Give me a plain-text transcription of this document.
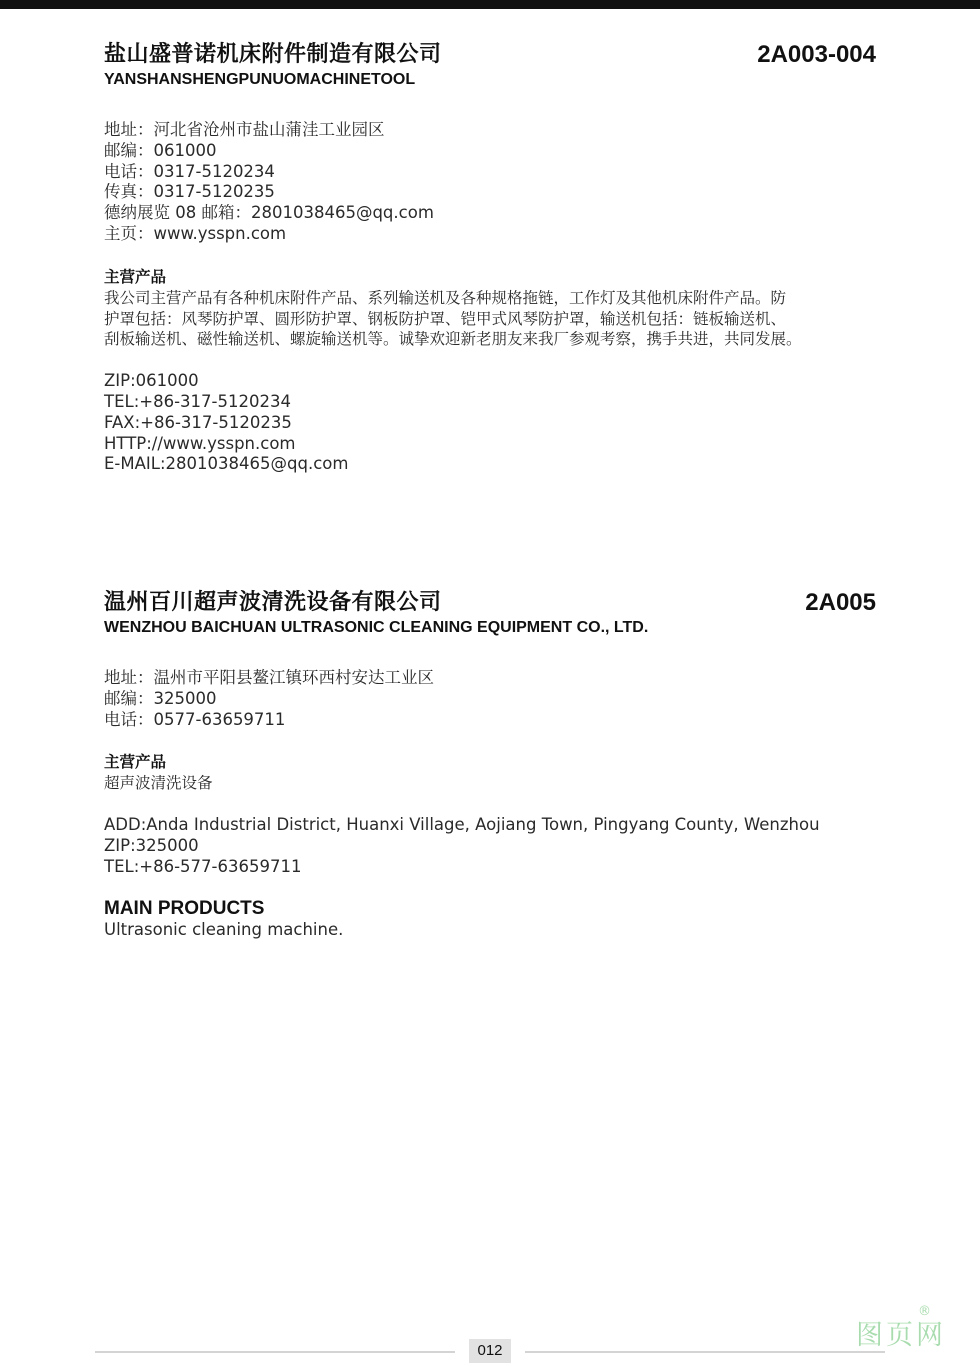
盐山盛普诺机床附件制造有限公司	2A003-004
YANSHANSHENGPUNUOMACHINETOOL
地址：河北省沧州市盐山蒲洼工业园区
邮编：061000
电话：0317-5120234
传真：0317-5120235
德纳展览 08 邮箱：2801038465@qq.com
主页：www.ysspn.com
主营产品
我公司主营产品有各种机床附件产品、系列输送机及各种规格拖链，工作灯及其他机床附件产品。防
护罩包括：风琴防护罩、圆形防护罩、钢板防护罩、铠甲式风琴防护罩，输送机包括：链板输送机、
刮板输送机、磁性输送机、螺旋输送机等。诚挚欢迎新老朋友来我厂参观考察，携手共进，共同发展。
ZIP:061000
TEL:+86-317-5120234
FAX:+86-317-5120235
HTTP://www.ysspn.com
E-MAIL:2801038465@qq.com
温州百川超声波清洗设备有限公司	2A005
WENZHOU BAICHUAN ULTRASONIC CLEANING EQUIPMENT CO., LTD.
地址：温州市平阳县鳌江镇环西村安达工业区
邮编：325000
电话：0577-63659711
主营产品
超声波清洗设备
ADD:Anda Industrial District, Huanxi Village, Aojiang Town, Pingyang County, Wenzhou
ZIP:325000
TEL:+86-577-63659711
MAIN PRODUCTS
Ultrasonic cleaning machine.
012	图页网
®
